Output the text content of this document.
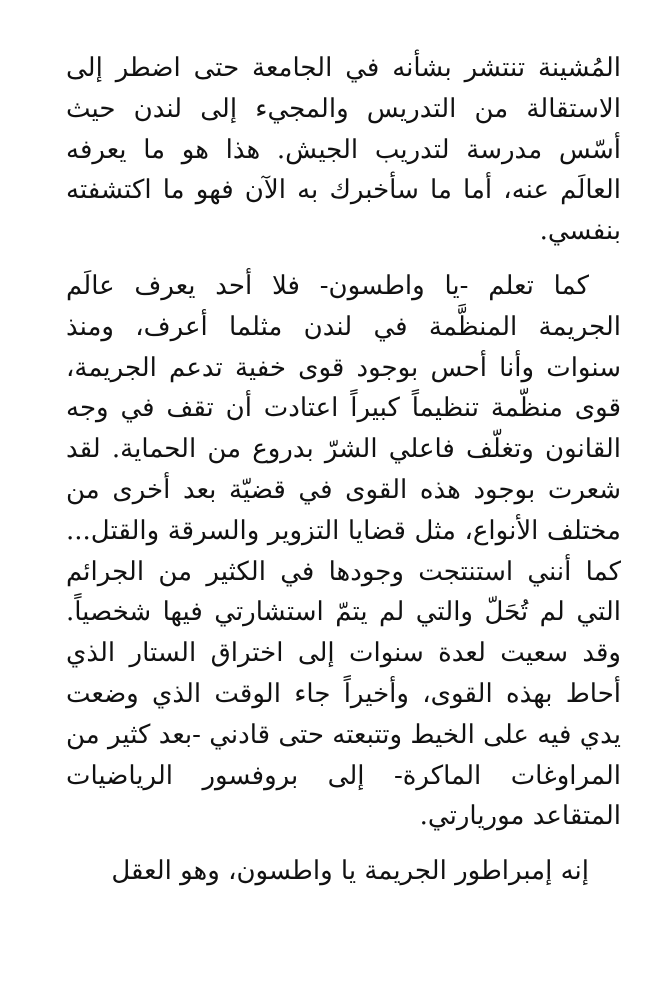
المُشينة تنتشر بشأنه في الجامعة حتى اضطر إلى الاستقالة من التدريس والمجيء إلى لندن حيث أسّس مدرسة لتدريب الجيش. هذا هو ما يعرفه العالَم عنه، أما ما سأخبرك به الآن فهو ما اكتشفته بنفسي.

كما تعلم -يا واطسون- فلا أحد يعرف عالَم الجريمة المنظَّمة في لندن مثلما أعرف، ومنذ سنوات وأنا أحس بوجود قوى خفية تدعم الجريمة، قوى منظّمة تنظيماً كبيراً اعتادت أن تقف في وجه القانون وتغلّف فاعلي الشرّ بدروع من الحماية. لقد شعرت بوجود هذه القوى في قضيّة بعد أخرى من مختلف الأنواع، مثل قضايا التزوير والسرقة والقتل... كما أنني استنتجت وجودها في الكثير من الجرائم التي لم تُحَلّ والتي لم يتمّ استشارتي فيها شخصياً. وقد سعيت لعدة سنوات إلى اختراق الستار الذي أحاط بهذه القوى، وأخيراً جاء الوقت الذي وضعت يدي فيه على الخيط وتتبعته حتى قادني -بعد كثير من المراوغات الماكرة- إلى بروفسور الرياضيات المتقاعد موريارتي.

إنه إمبراطور الجريمة يا واطسون، وهو العقل
